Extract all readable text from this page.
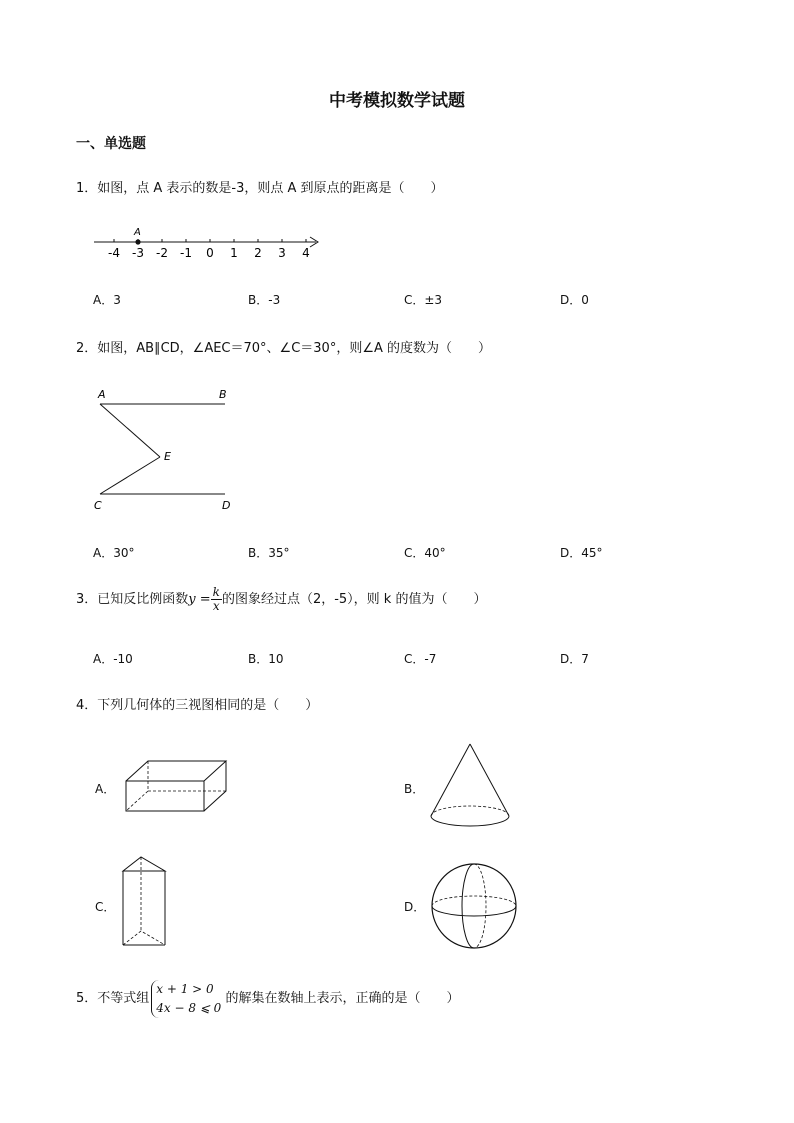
中考模拟数学试题
一、单选题
1．如图，点 A 表示的数是-3，则点 A 到原点的距离是（　　）
-4 -3 -2 -1 0 1 2 3 4
A
A．3	B．-3	C．±3	D．0
2．如图，AB∥CD，∠AEC＝70°、∠C＝30°，则∠A 的度数为（　　）
A	B
C	D
E
A．30°	B．35°	C．40°	D．45°
3．已知反比例函数$y = \frac{k}{x}$ 的图象经过点（2，-5），则 k 的值为（　　）
A．-10	B．10	C．-7	D．7
4．下列几何体的三视图相同的是（　　）
A．	B．
C．	D．
5．不等式组
x + 1 > 0
4x − 8 ⩽ 0
的解集在数轴上表示，正确的是（　　）
